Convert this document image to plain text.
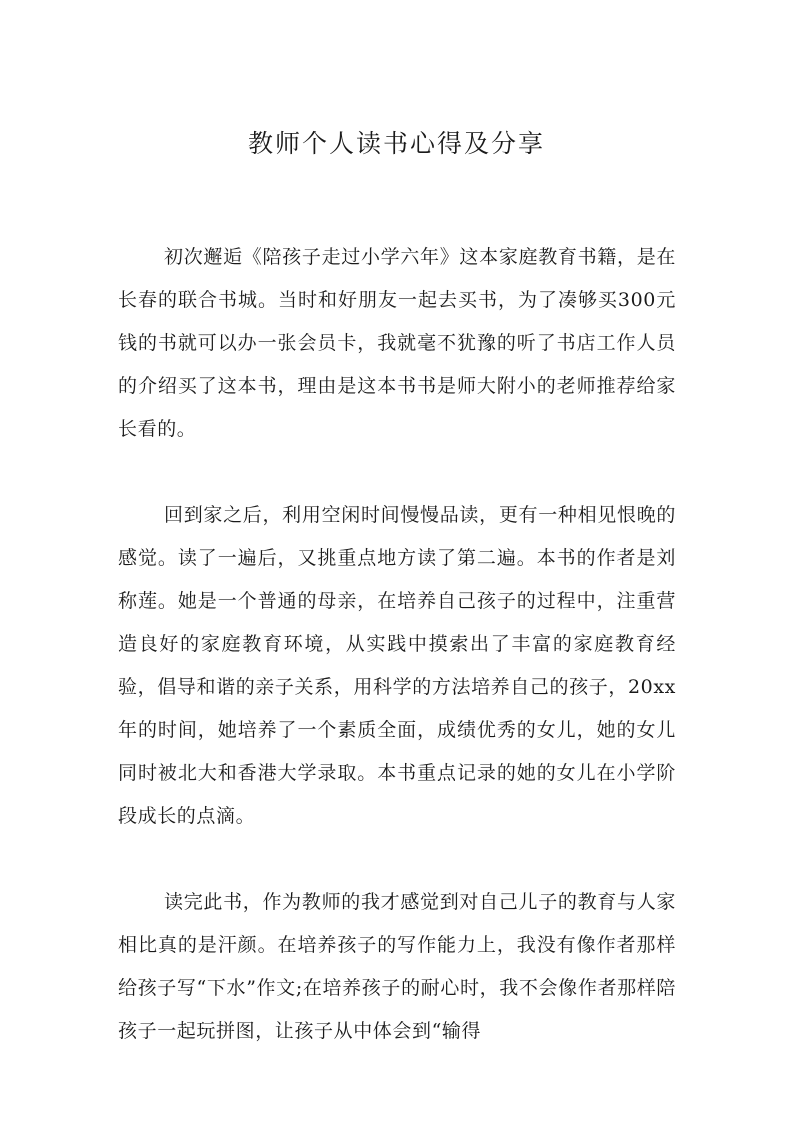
教师个人读书心得及分享

初次邂逅《陪孩子走过小学六年》这本家庭教育书籍，是在长春的联合书城。当时和好朋友一起去买书，为了凑够买300元钱的书就可以办一张会员卡，我就毫不犹豫的听了书店工作人员的介绍买了这本书，理由是这本书书是师大附小的老师推荐给家长看的。

回到家之后，利用空闲时间慢慢品读，更有一种相见恨晚的感觉。读了一遍后，又挑重点地方读了第二遍。本书的作者是刘称莲。她是一个普通的母亲，在培养自己孩子的过程中，注重营造良好的家庭教育环境，从实践中摸索出了丰富的家庭教育经验，倡导和谐的亲子关系，用科学的方法培养自己的孩子，20xx年的时间，她培养了一个素质全面，成绩优秀的女儿，她的女儿同时被北大和香港大学录取。本书重点记录的她的女儿在小学阶段成长的点滴。

读完此书，作为教师的我才感觉到对自己儿子的教育与人家相比真的是汗颜。在培养孩子的写作能力上，我没有像作者那样给孩子写“下水”作文;在培养孩子的耐心时，我不会像作者那样陪孩子一起玩拼图，让孩子从中体会到“输得
